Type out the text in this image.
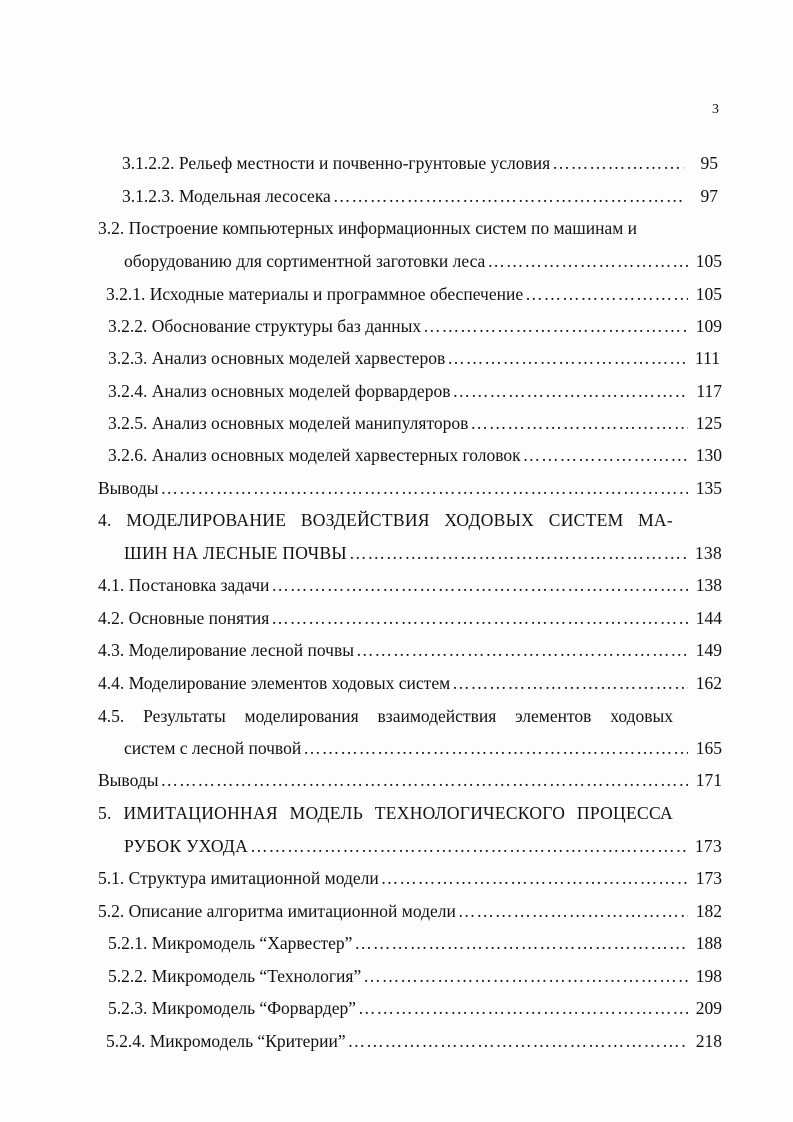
3
3.1.2.2. Рельеф местности и почвенно-грунтовые условия ………………………………………………………………………………………………………………………………………………………………	95
3.1.2.3. Модельная лесосека ………………………………………………………………………………………………………………………………………………………………	97
3.2. Построение компьютерных информационных систем по машинам и
оборудованию для сортиментной заготовки леса ………………………………………………………………………………………………………………………………………………………………	105
3.2.1. Исходные материалы и программное обеспечение ………………………………………………………………………………………………………………………………………………………………	105
3.2.2. Обоснование структуры баз данных ………………………………………………………………………………………………………………………………………………………………	109
3.2.3. Анализ основных моделей харвестеров ………………………………………………………………………………………………………………………………………………………………	111
3.2.4. Анализ основных моделей форвардеров ………………………………………………………………………………………………………………………………………………………………	117
3.2.5. Анализ основных моделей манипуляторов ………………………………………………………………………………………………………………………………………………………………	125
3.2.6. Анализ основных моделей харвестерных головок ………………………………………………………………………………………………………………………………………………………………	130
Выводы ………………………………………………………………………………………………………………………………………………………………	135
4. МОДЕЛИРОВАНИЕ ВОЗДЕЙСТВИЯ ХОДОВЫХ СИСТЕМ МА-
ШИН НА ЛЕСНЫЕ ПОЧВЫ ………………………………………………………………………………………………………………………………………………………………	138
4.1. Постановка задачи ………………………………………………………………………………………………………………………………………………………………	138
4.2. Основные понятия ………………………………………………………………………………………………………………………………………………………………	144
4.3. Моделирование лесной почвы ………………………………………………………………………………………………………………………………………………………………	149
4.4. Моделирование элементов ходовых систем ………………………………………………………………………………………………………………………………………………………………	162
4.5. Результаты моделирования взаимодействия элементов ходовых
систем с лесной почвой ………………………………………………………………………………………………………………………………………………………………	165
Выводы ………………………………………………………………………………………………………………………………………………………………	171
5. ИМИТАЦИОННАЯ МОДЕЛЬ ТЕХНОЛОГИЧЕСКОГО ПРОЦЕССА
РУБОК УХОДА ………………………………………………………………………………………………………………………………………………………………	173
5.1. Структура имитационной модели ………………………………………………………………………………………………………………………………………………………………	173
5.2. Описание алгоритма имитационной модели ………………………………………………………………………………………………………………………………………………………………	182
5.2.1. Микромодель “Харвестер” ………………………………………………………………………………………………………………………………………………………………	188
5.2.2. Микромодель “Технология” ………………………………………………………………………………………………………………………………………………………………	198
5.2.3. Микромодель “Форвардер” ………………………………………………………………………………………………………………………………………………………………	209
5.2.4. Микромодель “Критерии” ………………………………………………………………………………………………………………………………………………………………	218
